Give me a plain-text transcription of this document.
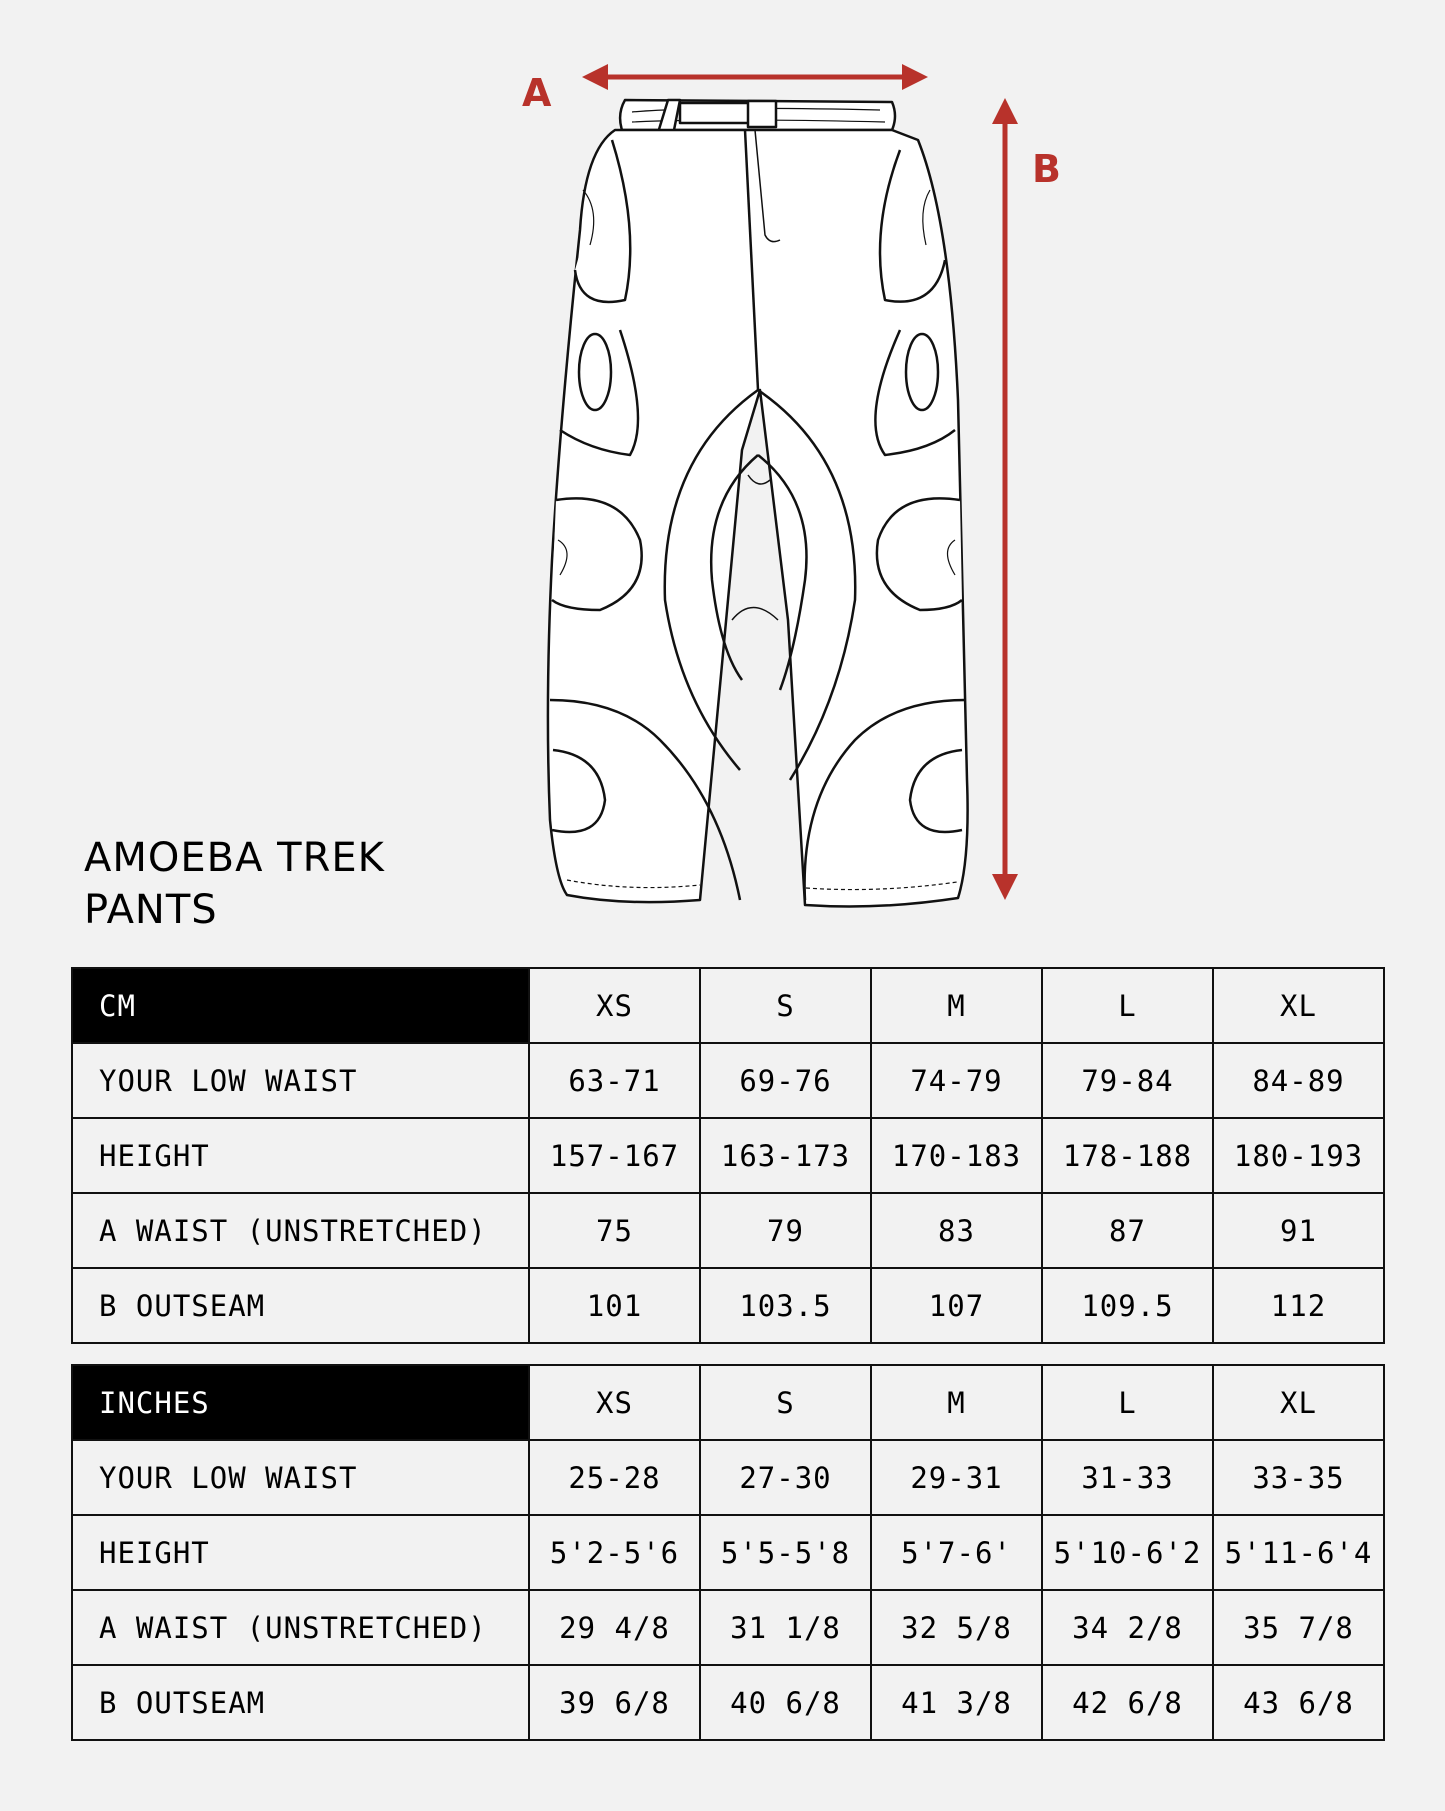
A
B
AMOEBA TREK
PANTS
CM	XS	S	M	L	XL
YOUR LOW WAIST	63-71	69-76	74-79	79-84	84-89
HEIGHT	157-167	163-173	170-183	178-188	180-193
A WAIST (UNSTRETCHED)	75	79	83	87	91
B OUTSEAM	101	103.5	107	109.5	112
INCHES	XS	S	M	L	XL
YOUR LOW WAIST	25-28	27-30	29-31	31-33	33-35
HEIGHT	5'2-5'6	5'5-5'8	5'7-6'	5'10-6'2	5'11-6'4
A WAIST (UNSTRETCHED)	29 4/8	31 1/8	32 5/8	34 2/8	35 7/8
B OUTSEAM	39 6/8	40 6/8	41 3/8	42 6/8	43 6/8
